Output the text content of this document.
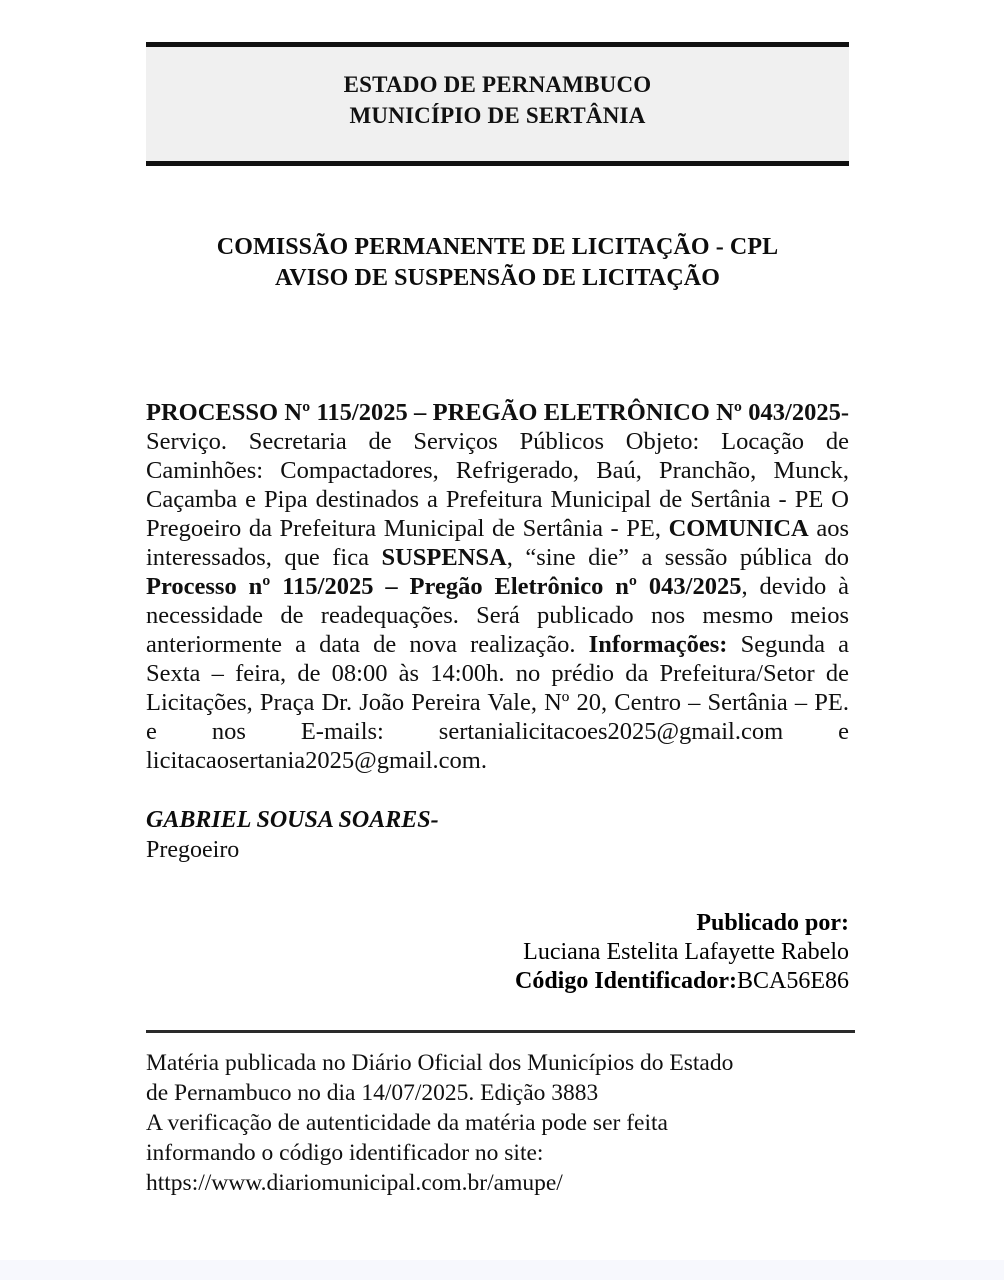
ESTADO DE PERNAMBUCO
MUNICÍPIO DE SERTÂNIA
COMISSÃO PERMANENTE DE LICITAÇÃO - CPL
AVISO DE SUSPENSÃO DE LICITAÇÃO

PROCESSO Nº 115/2025 – PREGÃO ELETRÔNICO Nº 043/2025- Serviço. Secretaria de Serviços Públicos Objeto: Locação de Caminhões: Compactadores, Refrigerado, Baú, Pranchão, Munck, Caçamba e Pipa destinados a Prefeitura Municipal de Sertânia - PE O Pregoeiro da Prefeitura Municipal de Sertânia - PE, COMUNICA aos interessados, que fica SUSPENSA, “sine die” a sessão pública do Processo nº 115/2025 – Pregão Eletrônico nº 043/2025, devido à necessidade de readequações. Será publicado nos mesmo meios anteriormente a data de nova realização. Informações: Segunda a Sexta – feira, de 08:00 às 14:00h. no prédio da Prefeitura/Setor de Licitações, Praça Dr. João Pereira Vale, Nº 20, Centro – Sertânia – PE. e nos E-mails: sertanialicitacoes2025@gmail.com e licitacaosertania2025@gmail.com.

GABRIEL SOUSA SOARES-
Pregoeiro
Publicado por:
Luciana Estelita Lafayette Rabelo
Código Identificador:BCA56E86
Matéria publicada no Diário Oficial dos Municípios do Estado
de Pernambuco no dia 14/07/2025. Edição 3883
A verificação de autenticidade da matéria pode ser feita
informando o código identificador no site:
https://www.diariomunicipal.com.br/amupe/
